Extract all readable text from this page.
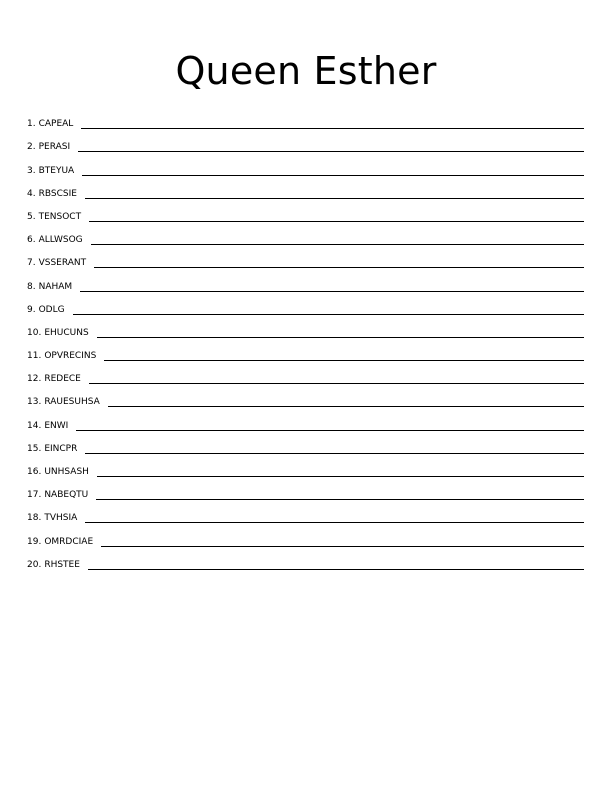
Queen Esther
1. CAPEAL
2. PERASI
3. BTEYUA
4. RBSCSIE
5. TENSOCT
6. ALLWSOG
7. VSSERANT
8. NAHAM
9. ODLG
10. EHUCUNS
11. OPVRECINS
12. REDECE
13. RAUESUHSA
14. ENWI
15. EINCPR
16. UNHSASH
17. NABEQTU
18. TVHSIA
19. OMRDCIAE
20. RHSTEE
